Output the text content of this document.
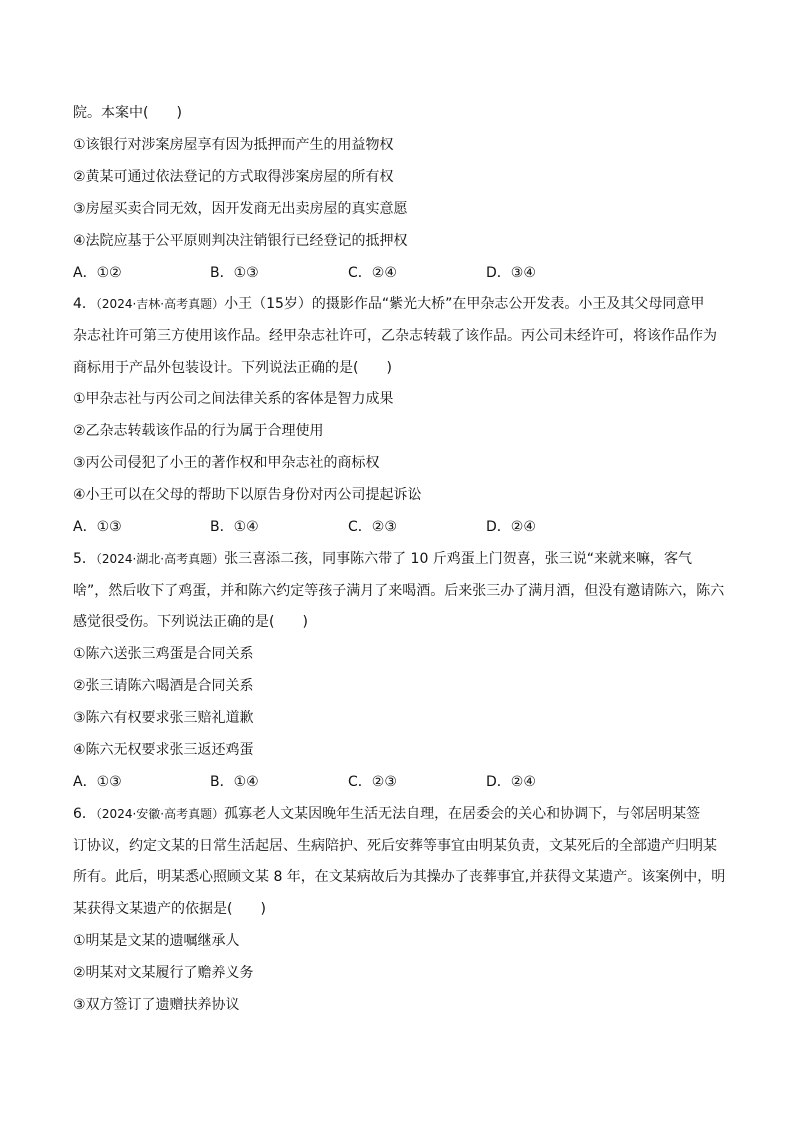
院。本案中(　　)
①该银行对涉案房屋享有因为抵押而产生的用益物权
②黄某可通过依法登记的方式取得涉案房屋的所有权
③房屋买卖合同无效，因开发商无出卖房屋的真实意愿
④法院应基于公平原则判决注销银行已经登记的抵押权
A．①②	B．①③	C．②④	D．③④
4．（2024·吉林·高考真题）小王（15岁）的摄影作品“紫光大桥”在甲杂志公开发表。小王及其父母同意甲
杂志社许可第三方使用该作品。经甲杂志社许可，乙杂志转载了该作品。丙公司未经许可，将该作品作为
商标用于产品外包装设计。下列说法正确的是(　　)
①甲杂志社与丙公司之间法律关系的客体是智力成果
②乙杂志转载该作品的行为属于合理使用
③丙公司侵犯了小王的著作权和甲杂志社的商标权
④小王可以在父母的帮助下以原告身份对丙公司提起诉讼
A．①③	B．①④	C．②③	D．②④
5．（2024·湖北·高考真题）张三喜添二孩，同事陈六带了 10 斤鸡蛋上门贺喜，张三说“来就来嘛，客气
啥”，然后收下了鸡蛋，并和陈六约定等孩子满月了来喝酒。后来张三办了满月酒，但没有邀请陈六，陈六
感觉很受伤。下列说法正确的是(　　)
①陈六送张三鸡蛋是合同关系
②张三请陈六喝酒是合同关系
③陈六有权要求张三赔礼道歉
④陈六无权要求张三返还鸡蛋
A．①③	B．①④	C．②③	D．②④
6．（2024·安徽·高考真题）孤寡老人文某因晚年生活无法自理，在居委会的关心和协调下，与邻居明某签
订协议，约定文某的日常生活起居、生病陪护、死后安葬等事宜由明某负责，文某死后的全部遗产归明某
所有。此后，明某悉心照顾文某 8 年，在文某病故后为其操办了丧葬事宜,并获得文某遗产。该案例中，明
某获得文某遗产的依据是(　　)
①明某是文某的遗嘱继承人
②明某对文某履行了赡养义务
③双方签订了遗赠扶养协议
